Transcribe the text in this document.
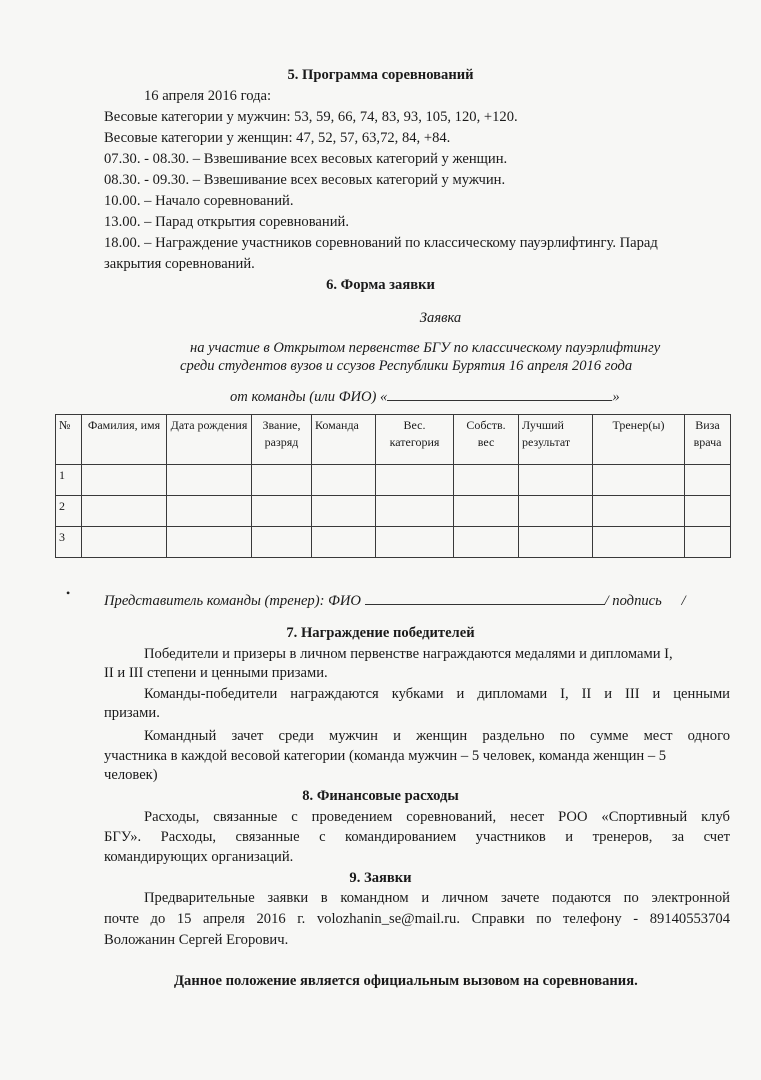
5. Программа соревнований
16 апреля 2016 года:
Весовые категории у мужчин: 53, 59, 66, 74, 83, 93, 105, 120, +120.
Весовые категории у женщин: 47, 52, 57, 63,72, 84, +84.
07.30. - 08.30. – Взвешивание всех весовых категорий у женщин.
08.30. - 09.30. – Взвешивание всех весовых категорий у мужчин.
10.00. – Начало соревнований.
13.00. – Парад открытия соревнований.
18.00. – Награждение участников соревнований по классическому пауэрлифтингу. Парад
закрытия соревнований.
6. Форма заявки
Заявка
на участие в Открытом первенстве БГУ по классическому пауэрлифтингу
среди студентов вузов и ссузов Республики Бурятия 16 апреля 2016 года
от команды (или ФИО) «	»
№	Фамилия, имя	Дата рождения	Звание, разряд	Команда	Вес. категория	Собств. вес	Лучший результат	Тренер(ы)	Виза врача
1									
2									
3									
• Представитель команды (тренер): ФИО	/ подпись /
7. Награждение победителей
Победители и призеры в личном первенстве награждаются медалями и дипломами I,
II и III степени и ценными призами.
Команды-победители награждаются кубками и дипломами I, II и III и ценными
призами.
Командный зачет среди мужчин и женщин раздельно по сумме мест одного
участника в каждой весовой категории (команда мужчин – 5 человек, команда женщин – 5
человек)
8. Финансовые расходы
Расходы, связанные с проведением соревнований, несет РОО «Спортивный клуб
БГУ». Расходы, связанные с командированием участников и тренеров, за счет
командирующих организаций.
9. Заявки
Предварительные заявки в командном и личном зачете подаются по электронной
почте до 15 апреля 2016 г. volozhanin_se@mail.ru. Справки по телефону - 89140553704
Воложанин Сергей Егорович.
Данное положение является официальным вызовом на соревнования.
